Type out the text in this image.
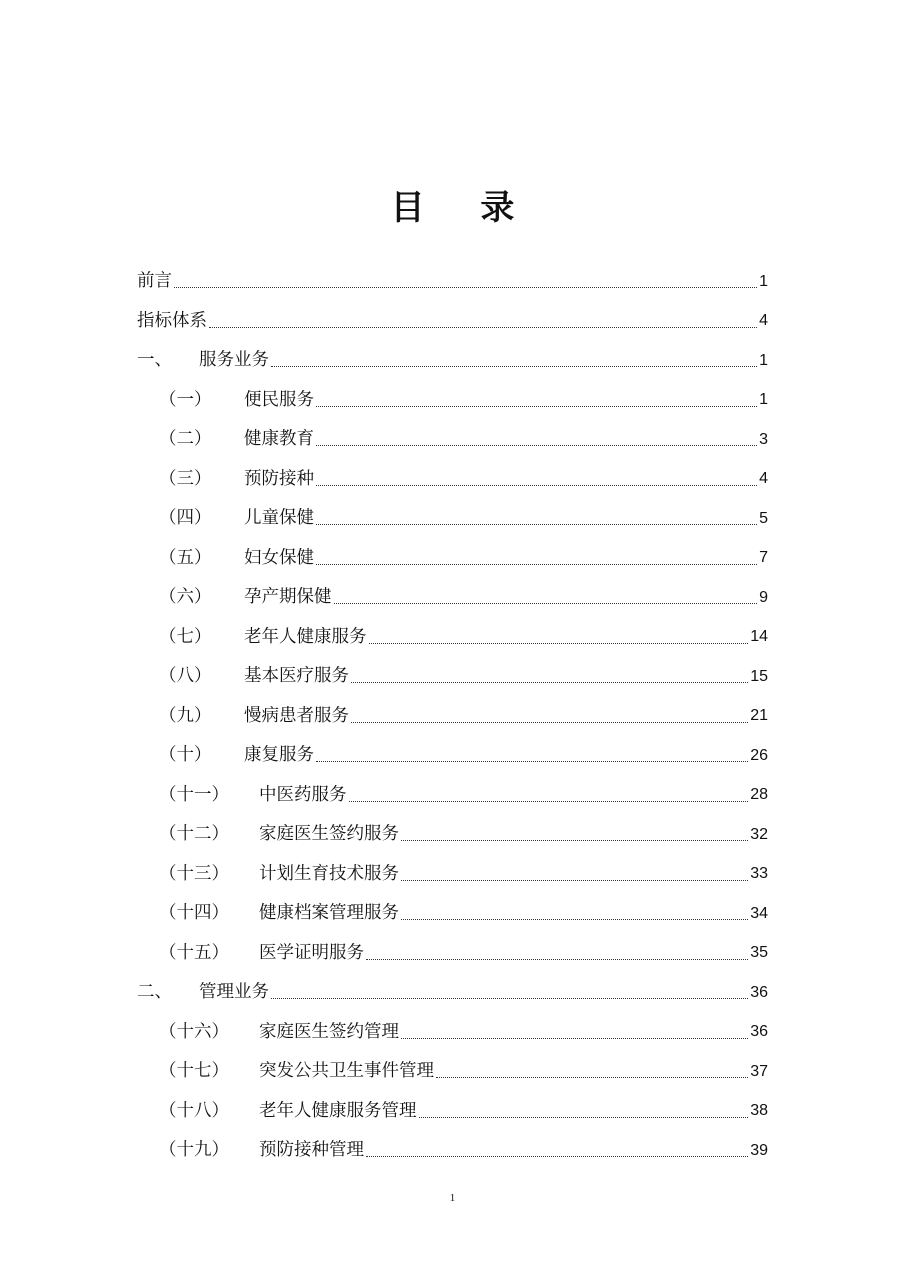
目 录
前言	1
指标体系	4
一、	服务业务	1
（一）	便民服务	1
（二）	健康教育	3
（三）	预防接种	4
（四）	儿童保健	5
（五）	妇女保健	7
（六）	孕产期保健	9
（七）	老年人健康服务	14
（八）	基本医疗服务	15
（九）	慢病患者服务	21
（十）	康复服务	26
（十一）	中医药服务	28
（十二）	家庭医生签约服务	32
（十三）	计划生育技术服务	33
（十四）	健康档案管理服务	34
（十五）	医学证明服务	35
二、	管理业务	36
（十六）	家庭医生签约管理	36
（十七）	突发公共卫生事件管理	37
（十八）	老年人健康服务管理	38
（十九）	预防接种管理	39
1
